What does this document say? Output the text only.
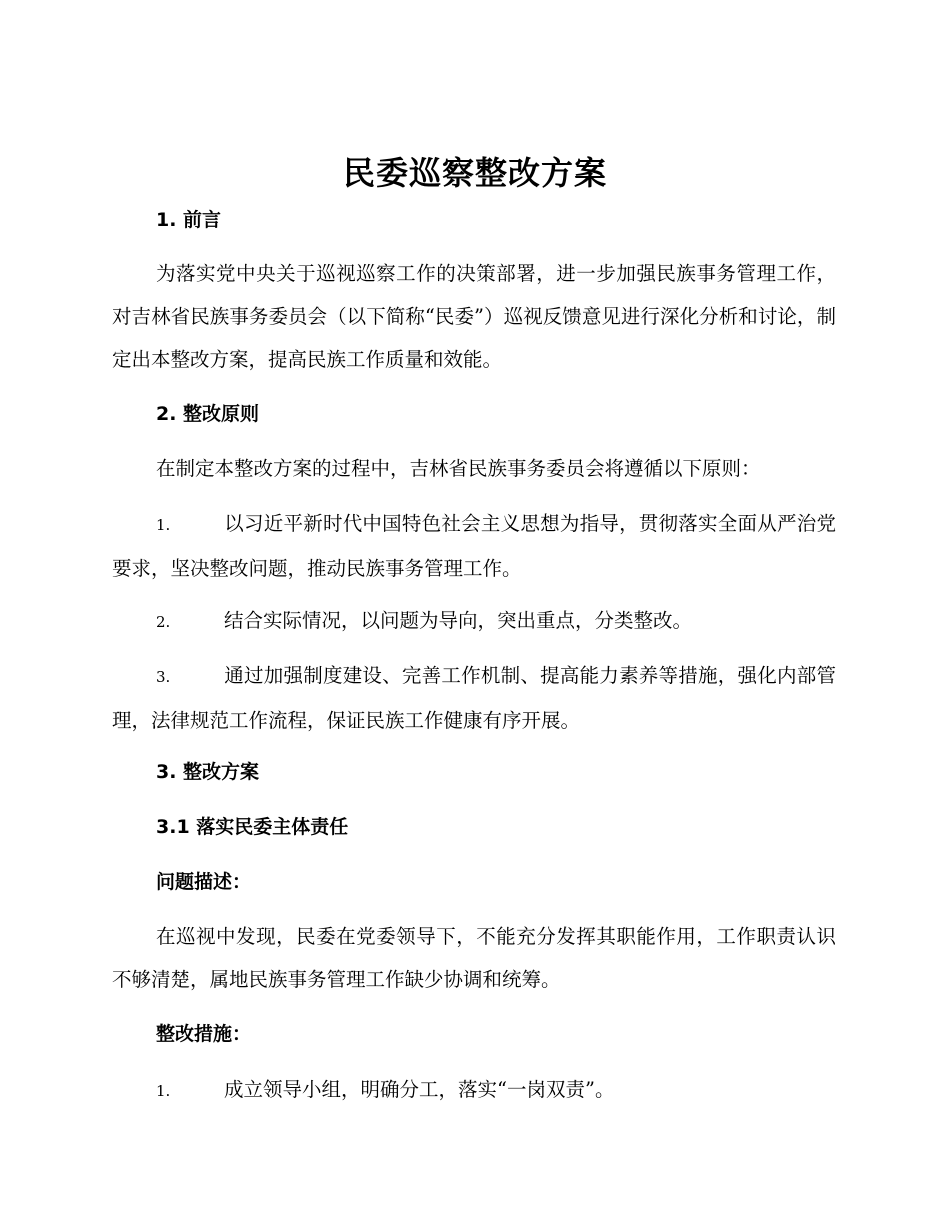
民委巡察整改方案
1. 前言
为落实党中央关于巡视巡察工作的决策部署，进一步加强民族事务管理工作，对吉林省民族事务委员会（以下简称“民委”）巡视反馈意见进行深化分析和讨论，制定出本整改方案，提高民族工作质量和效能。
2. 整改原则
在制定本整改方案的过程中，吉林省民族事务委员会将遵循以下原则：
1.	以习近平新时代中国特色社会主义思想为指导，贯彻落实全面从严治党要求，坚决整改问题，推动民族事务管理工作。
2.	结合实际情况，以问题为导向，突出重点，分类整改。
3.	通过加强制度建设、完善工作机制、提高能力素养等措施，强化内部管理，法律规范工作流程，保证民族工作健康有序开展。
3. 整改方案
3.1 落实民委主体责任
问题描述：
在巡视中发现，民委在党委领导下，不能充分发挥其职能作用，工作职责认识不够清楚，属地民族事务管理工作缺少协调和统筹。
整改措施：
1.	成立领导小组，明确分工，落实“一岗双责”。
